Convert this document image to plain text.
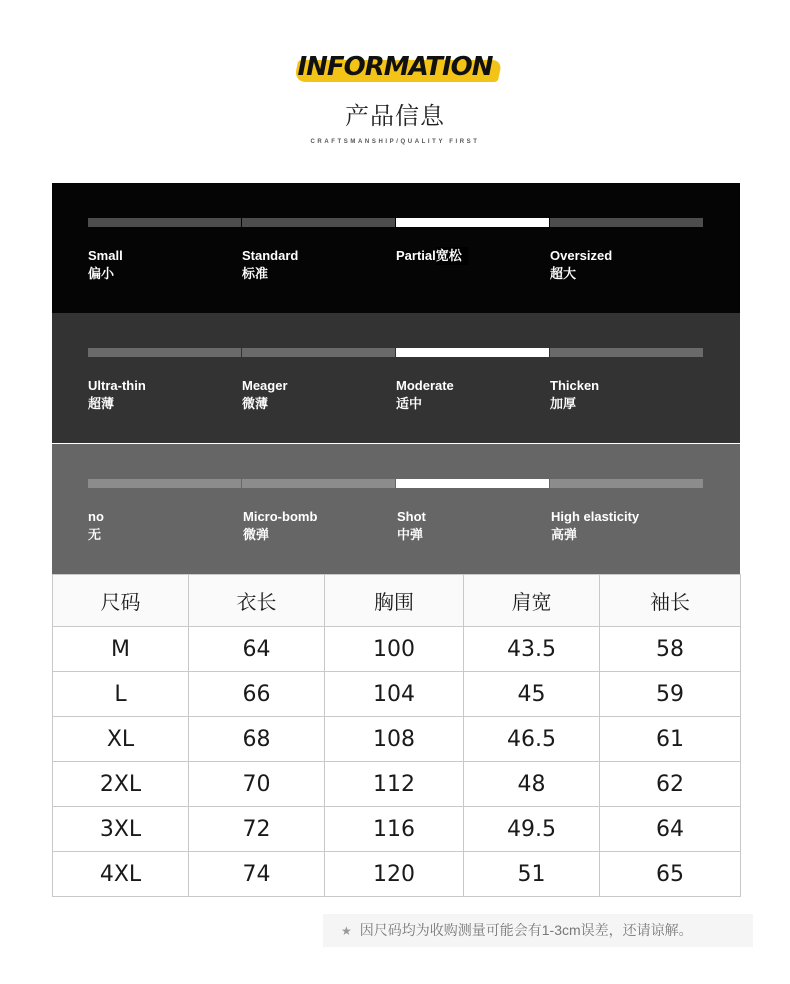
INFORMATION
产品信息
CRAFTSMANSHIP/QUALITY FIRST
Small
偏小
Standard
标准
Partial宽松	Oversized
超大
Ultra-thin
超薄
Meager
微薄
Moderate
适中
Thicken
加厚
no
无
Micro-bomb
微弹
Shot
中弹
High elasticity
高弹
尺码	衣长	胸围	肩宽	袖长
M	64	100	43.5	58
L	66	104	45	59
XL	68	108	46.5	61
2XL	70	112	48	62
3XL	72	116	49.5	64
4XL	74	120	51	65
★ 因尺码均为收购测量可能会有1-3cm误差，还请谅解。
